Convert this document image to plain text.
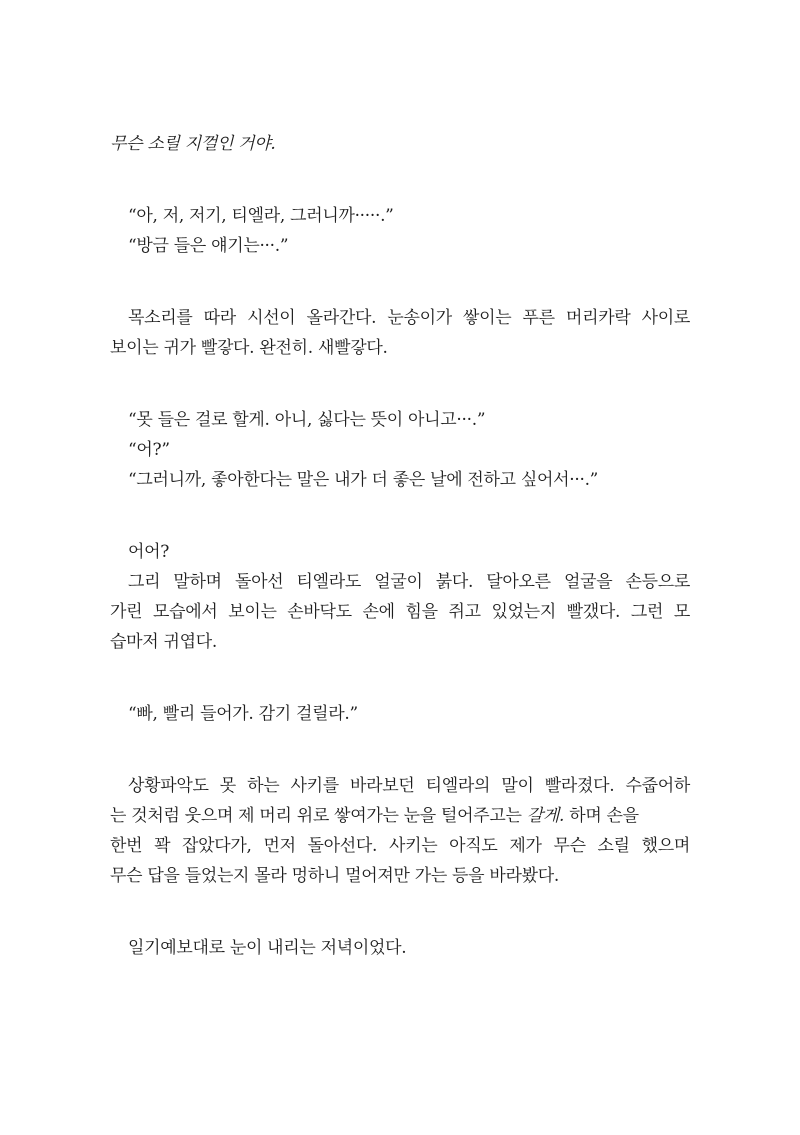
무슨 소릴 지껄인 거야.
“아, 저, 저기, 티엘라, 그러니까·····.”
“방금 들은 얘기는···.”
목소리를 따라 시선이 올라간다. 눈송이가 쌓이는 푸른 머리카락 사이로
보이는 귀가 빨갛다. 완전히. 새빨갛다.
“못 들은 걸로 할게. 아니, 싫다는 뜻이 아니고···.”
“어?”
“그러니까, 좋아한다는 말은 내가 더 좋은 날에 전하고 싶어서···.”
어어?
그리 말하며 돌아선 티엘라도 얼굴이 붉다. 달아오른 얼굴을 손등으로
가린 모습에서 보이는 손바닥도 손에 힘을 쥐고 있었는지 빨갰다. 그런 모
습마저 귀엽다.
“빠, 빨리 들어가. 감기 걸릴라.”
상황파악도 못 하는 사키를 바라보던 티엘라의 말이 빨라졌다. 수줍어하
는 것처럼 웃으며 제 머리 위로 쌓여가는 눈을 털어주고는 갈게. 하며 손을
한번 꽉 잡았다가, 먼저 돌아선다. 사키는 아직도 제가 무슨 소릴 했으며
무슨 답을 들었는지 몰라 멍하니 멀어져만 가는 등을 바라봤다.
일기예보대로 눈이 내리는 저녁이었다.
